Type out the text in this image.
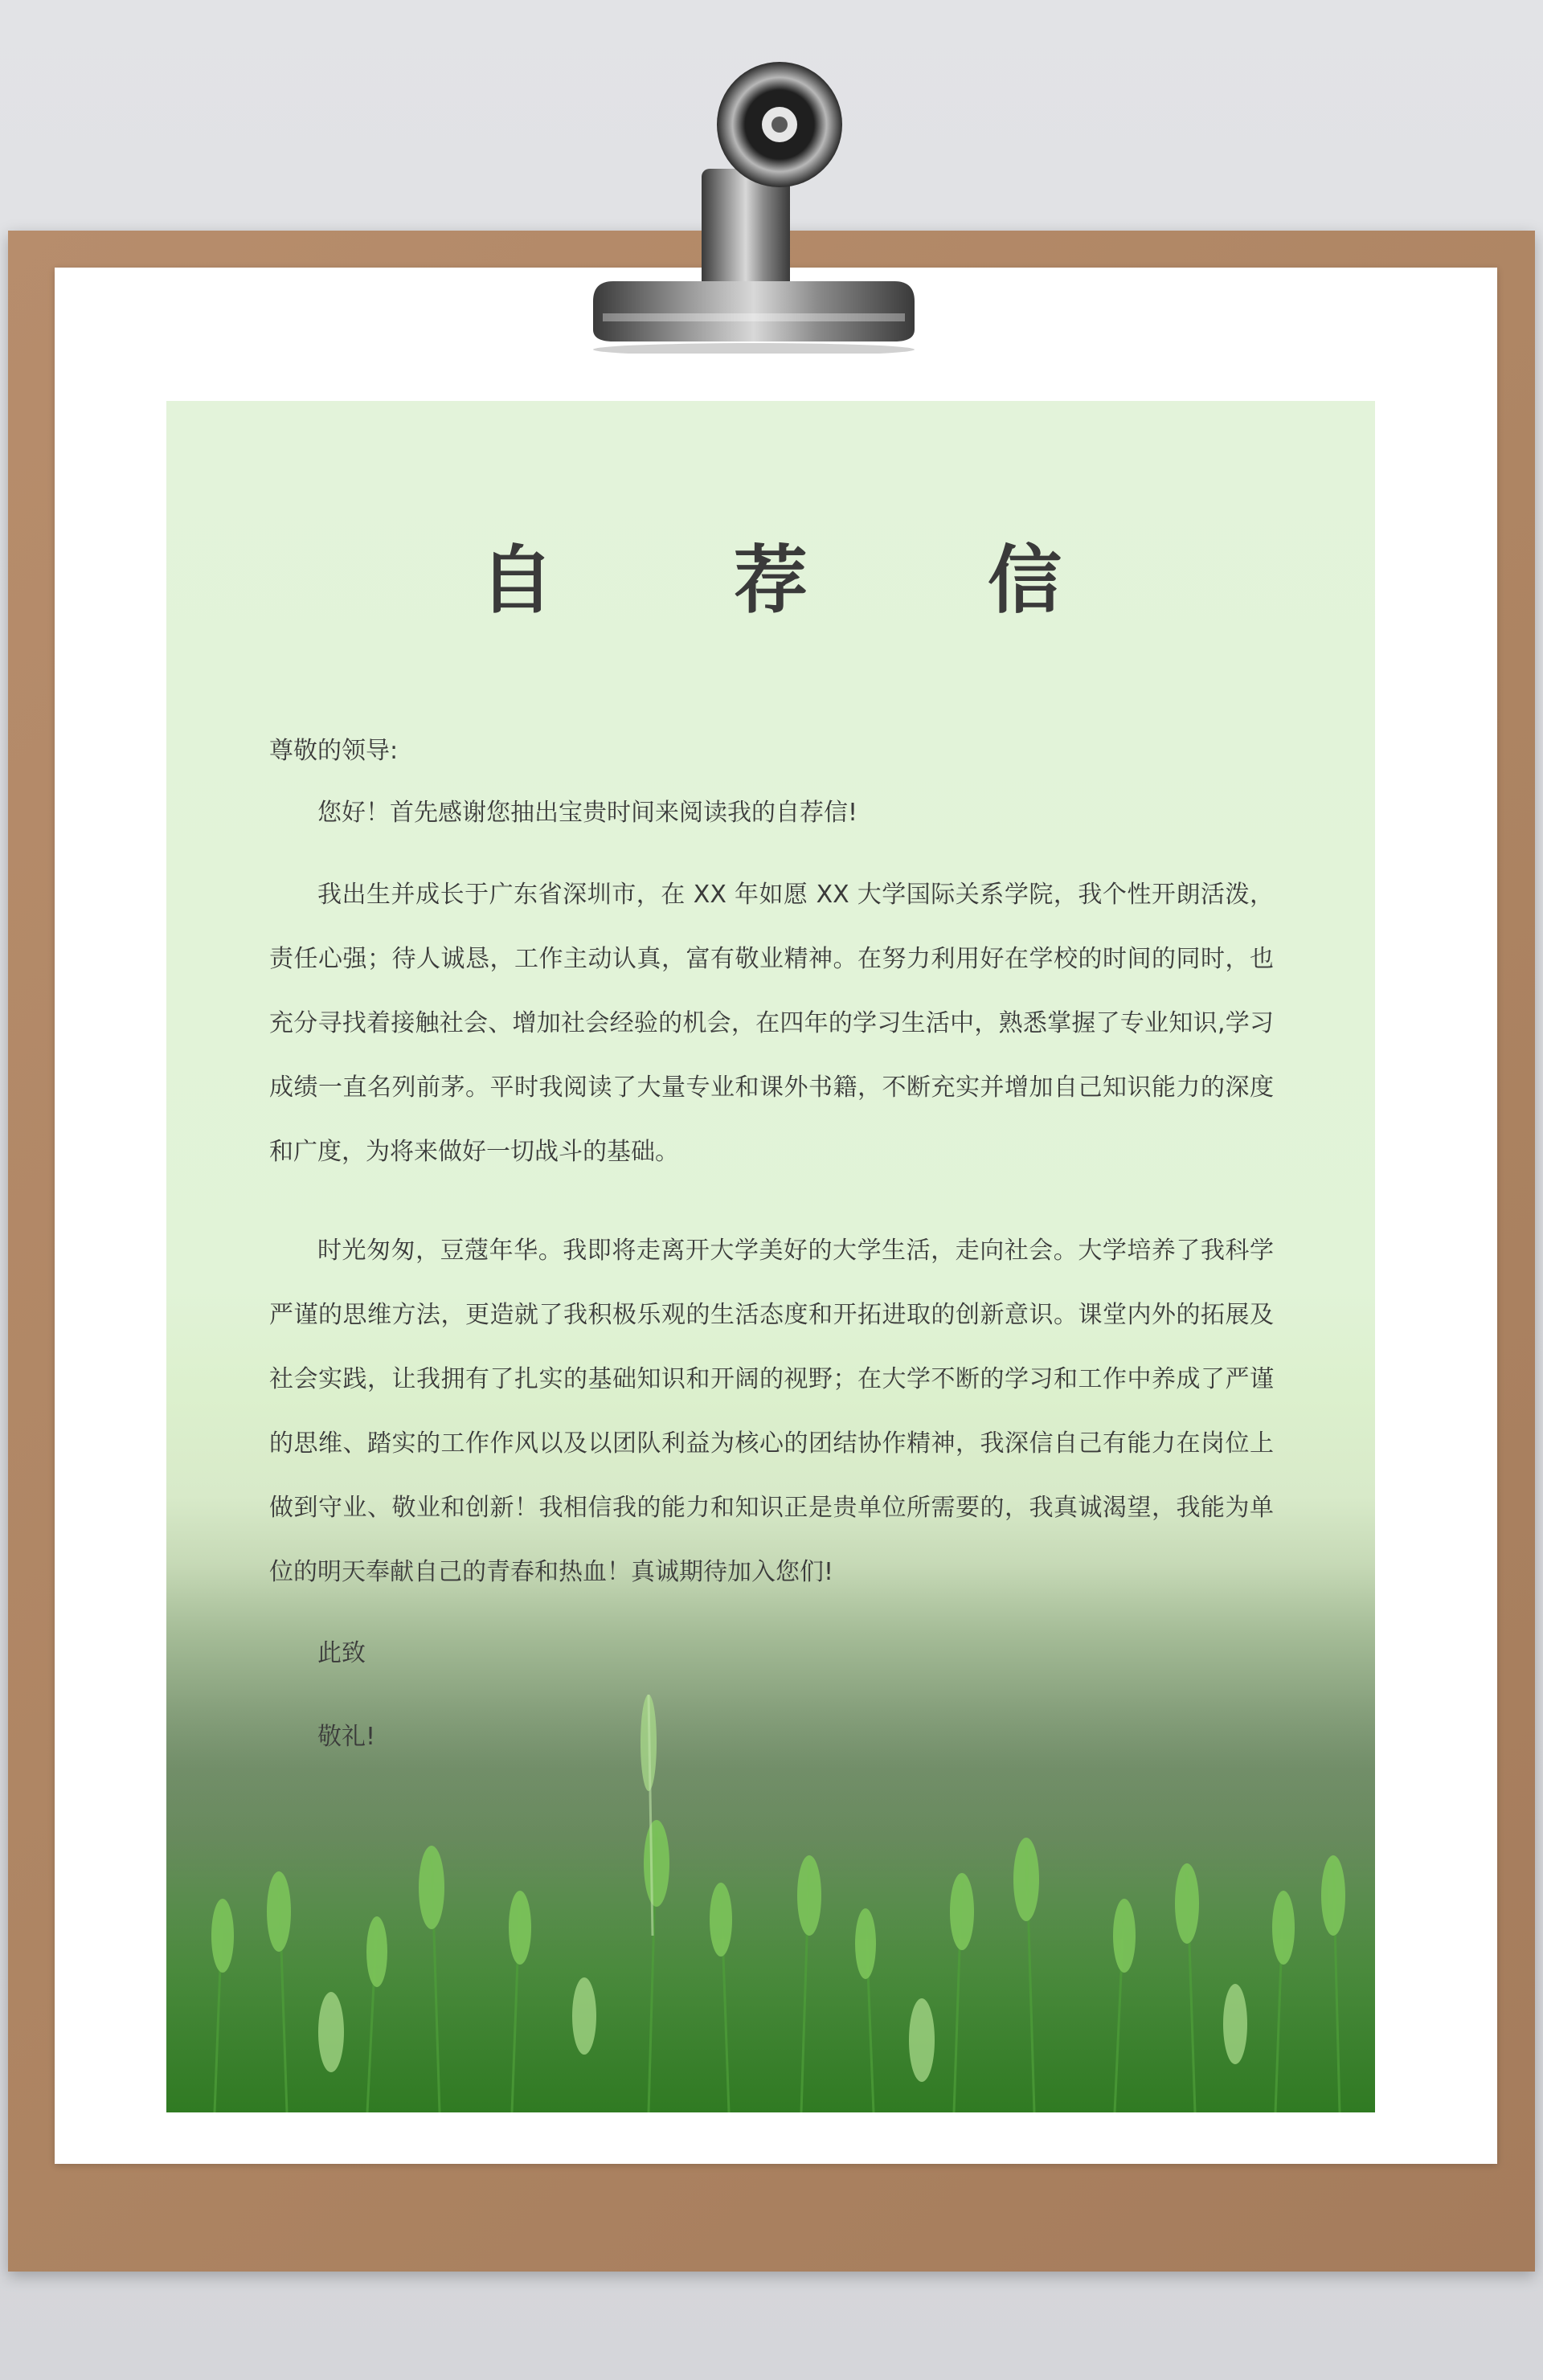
自 荐 信
尊敬的领导:
您好！首先感谢您抽出宝贵时间来阅读我的自荐信!
我出生并成长于广东省深圳市，在 XX 年如愿 XX 大学国际关系学院，我个性开朗活泼，责任心强；待人诚恳，工作主动认真，富有敬业精神。在努力利用好在学校的时间的同时，也充分寻找着接触社会、增加社会经验的机会，在四年的学习生活中，熟悉掌握了专业知识,学习成绩一直名列前茅。平时我阅读了大量专业和课外书籍，不断充实并增加自己知识能力的深度和广度，为将来做好一切战斗的基础。
时光匆匆，豆蔻年华。我即将走离开大学美好的大学生活，走向社会。大学培养了我科学严谨的思维方法，更造就了我积极乐观的生活态度和开拓进取的创新意识。课堂内外的拓展及社会实践，让我拥有了扎实的基础知识和开阔的视野；在大学不断的学习和工作中养成了严谨的思维、踏实的工作作风以及以团队利益为核心的团结协作精神，我深信自己有能力在岗位上做到守业、敬业和创新！我相信我的能力和知识正是贵单位所需要的，我真诚渴望，我能为单位的明天奉献自己的青春和热血！真诚期待加入您们!
此致
敬礼!
